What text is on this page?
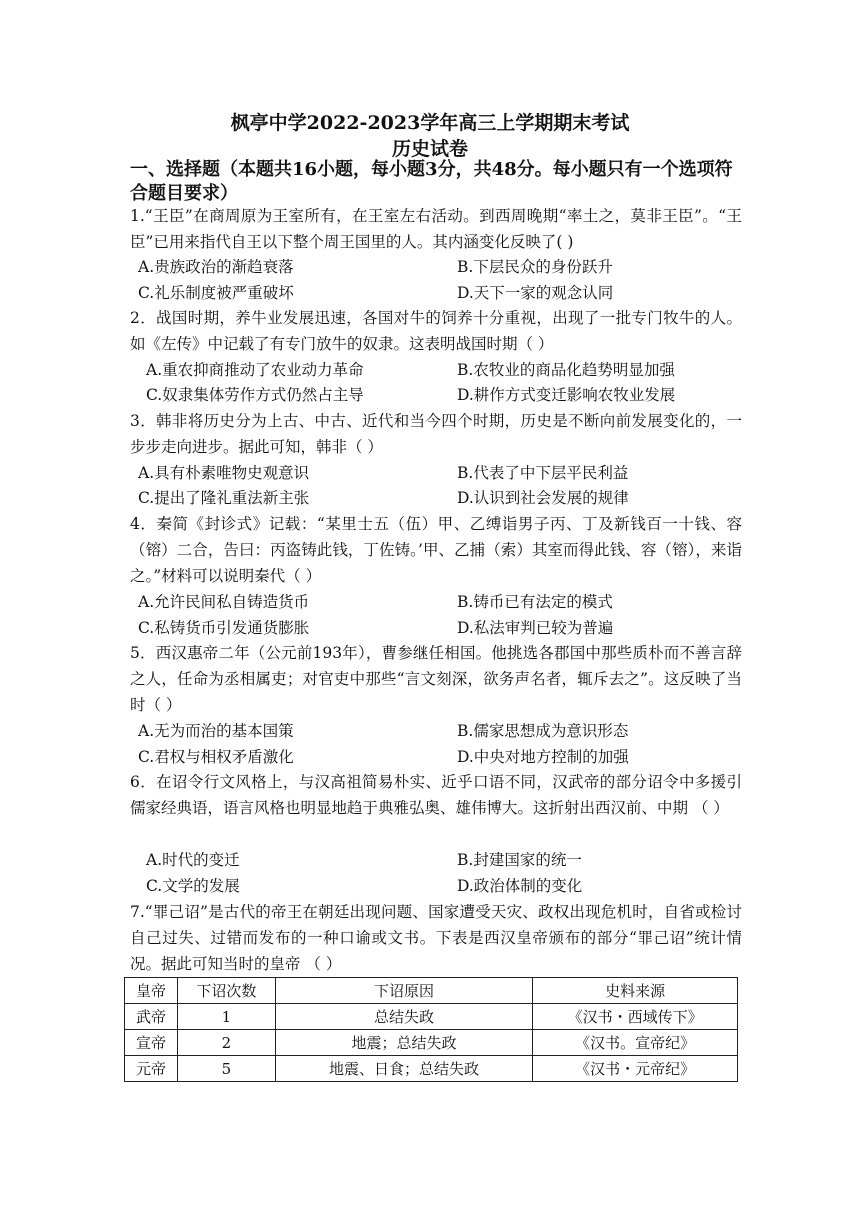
枫亭中学2022-2023学年高三上学期期末考试
历史试卷
一、选择题（本题共16小题，每小题3分，共48分。每小题只有一个选项符合题目要求）
1.“王臣”在商周原为王室所有，在王室左右活动。到西周晚期“率土之，莫非王臣”。“王臣”已用来指代自王以下整个周王国里的人。其内涵变化反映了( )
A.贵族政治的渐趋衰落	B.下层民众的身份跃升
C.礼乐制度被严重破坏	D.天下一家的观念认同
2．战国时期，养牛业发展迅速，各国对牛的饲养十分重视，出现了一批专门牧牛的人。如《左传》中记载了有专门放牛的奴隶。这表明战国时期（ ）
A.重农抑商推动了农业动力革命	B.农牧业的商品化趋势明显加强
C.奴隶集体劳作方式仍然占主导	D.耕作方式变迁影响农牧业发展
3．韩非将历史分为上古、中古、近代和当今四个时期，历史是不断向前发展变化的，一步步走向进步。据此可知，韩非（ ）
A.具有朴素唯物史观意识	B.代表了中下层平民利益
C.提出了隆礼重法新主张	D.认识到社会发展的规律
4．秦简《封诊式》记载：“某里士五（伍）甲、乙缚诣男子丙、丁及新钱百一十钱、容（镕）二合，告曰：丙盗铸此钱，丁佐铸。’甲、乙捕（索）其室而得此钱、容（镕），来诣之。”材料可以说明秦代（ ）
A.允许民间私自铸造货币	B.铸币已有法定的模式
C.私铸货币引发通货膨胀	D.私法审判已较为普遍
5．西汉惠帝二年（公元前193年），曹参继任相国。他挑选各郡国中那些质朴而不善言辞之人，任命为丞相属吏；对官吏中那些“言文刻深，欲务声名者，辄斥去之”。这反映了当时（ ）
A.无为而治的基本国策	B.儒家思想成为意识形态
C.君权与相权矛盾激化	D.中央对地方控制的加强
6．在诏令行文风格上，与汉高祖简易朴实、近乎口语不同，汉武帝的部分诏令中多援引儒家经典语，语言风格也明显地趋于典雅弘奥、雄伟博大。这折射出西汉前、中期 （ ）
A.时代的变迁	B.封建国家的统一
C.文学的发展	D.政治体制的变化
7.“罪己诏”是古代的帝王在朝廷出现问题、国家遭受天灾、政权出现危机时，自省或检讨自己过失、过错而发布的一种口谕或文书。下表是西汉皇帝颁布的部分“罪己诏”统计情况。据此可知当时的皇帝 （ ）
皇帝	下诏次数	下诏原因	史料来源
武帝	1	总结失政	《汉书・西域传下》
宣帝	2	地震；总结失政	《汉书。宣帝纪》
元帝	5	地震、日食；总结失政	《汉书・元帝纪》
